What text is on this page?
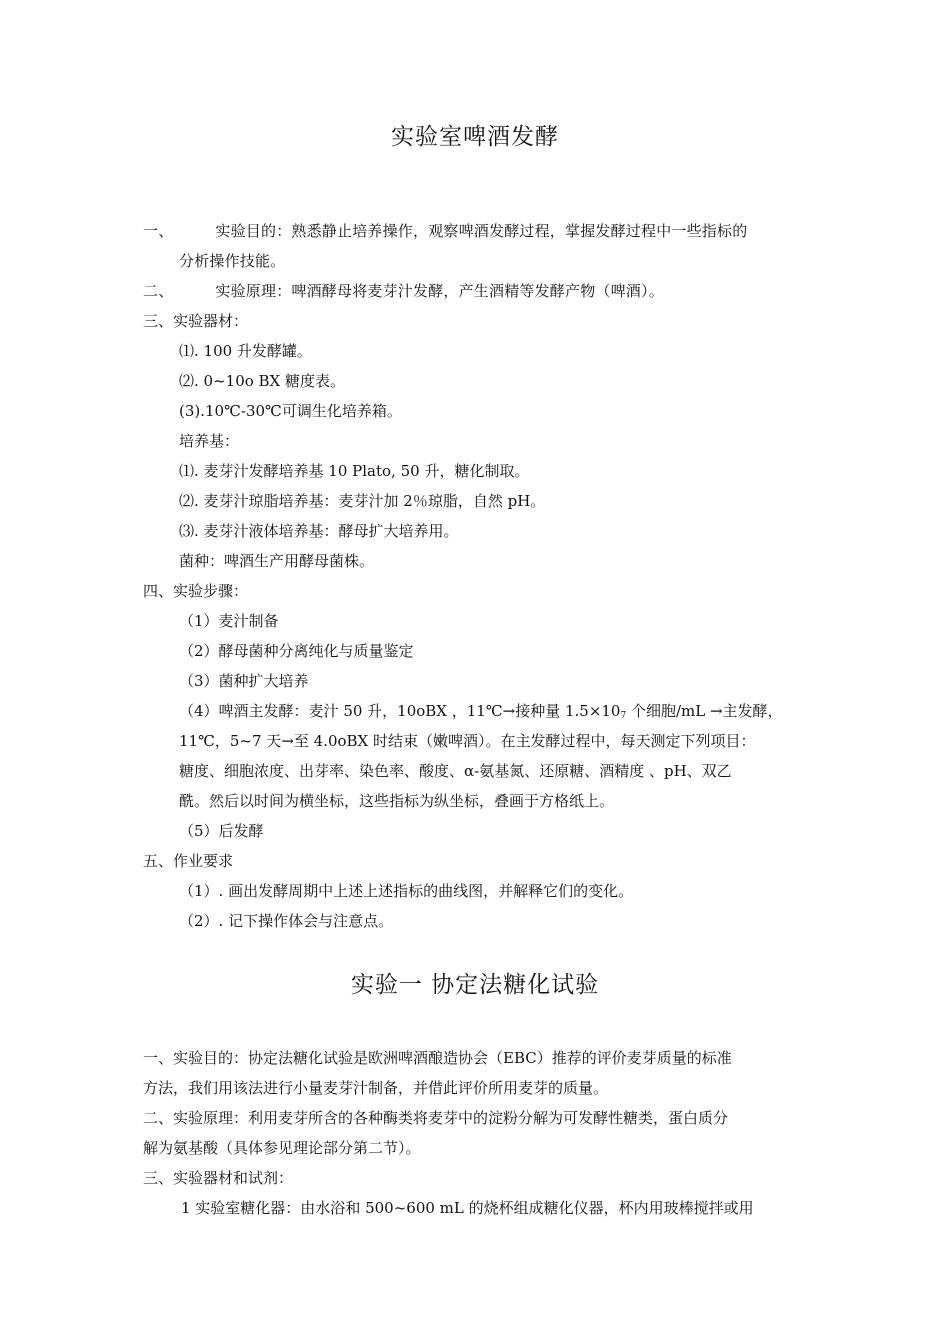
实验室啤酒发酵
一、	实验目的：熟悉静止培养操作，观察啤酒发酵过程，掌握发酵过程中一些指标的
分析操作技能。
二、	实验原理：啤酒酵母将麦芽汁发酵，产生酒精等发酵产物（啤酒）。
三、实验器材：
⑴. 100 升发酵罐。
⑵. 0~10o BX 糖度表。
(3).10℃-30℃可调生化培养箱。
培养基：
⑴. 麦芽汁发酵培养基 10 Plato, 50 升，糖化制取。
⑵. 麦芽汁琼脂培养基：麦芽汁加 2％琼脂，自然 pH。
⑶. 麦芽汁液体培养基：酵母扩大培养用。
菌种：啤酒生产用酵母菌株。
四、实验步骤：
（1）麦汁制备
（2）酵母菌种分离纯化与质量鉴定
（3）菌种扩大培养
（4）啤酒主发酵：麦汁 50 升，10oBX ，11℃→接种量 $1.5\times 10_7$ 个细胞/mL →主发酵，
11℃，5~7 天→至 4.0oBX 时结束（嫩啤酒）。在主发酵过程中，每天测定下列项目：
糖度、细胞浓度、出芽率、染色率、酸度、α-氨基氮、还原糖、酒精度 、pH、双乙
酰。然后以时间为横坐标，这些指标为纵坐标，叠画于方格纸上。
（5）后发酵
五、作业要求
（1）. 画出发酵周期中上述上述指标的曲线图，并解释它们的变化。
（2）. 记下操作体会与注意点。
实验一 协定法糖化试验
一、实验目的：协定法糖化试验是欧洲啤酒酿造协会（EBC）推荐的评价麦芽质量的标准
方法，我们用该法进行小量麦芽汁制备，并借此评价所用麦芽的质量。
二、实验原理：利用麦芽所含的各种酶类将麦芽中的淀粉分解为可发酵性糖类，蛋白质分
解为氨基酸（具体参见理论部分第二节）。
三、实验器材和试剂：
1 实验室糖化器：由水浴和 500~600 mL 的烧杯组成糖化仪器，杯内用玻棒搅拌或用
